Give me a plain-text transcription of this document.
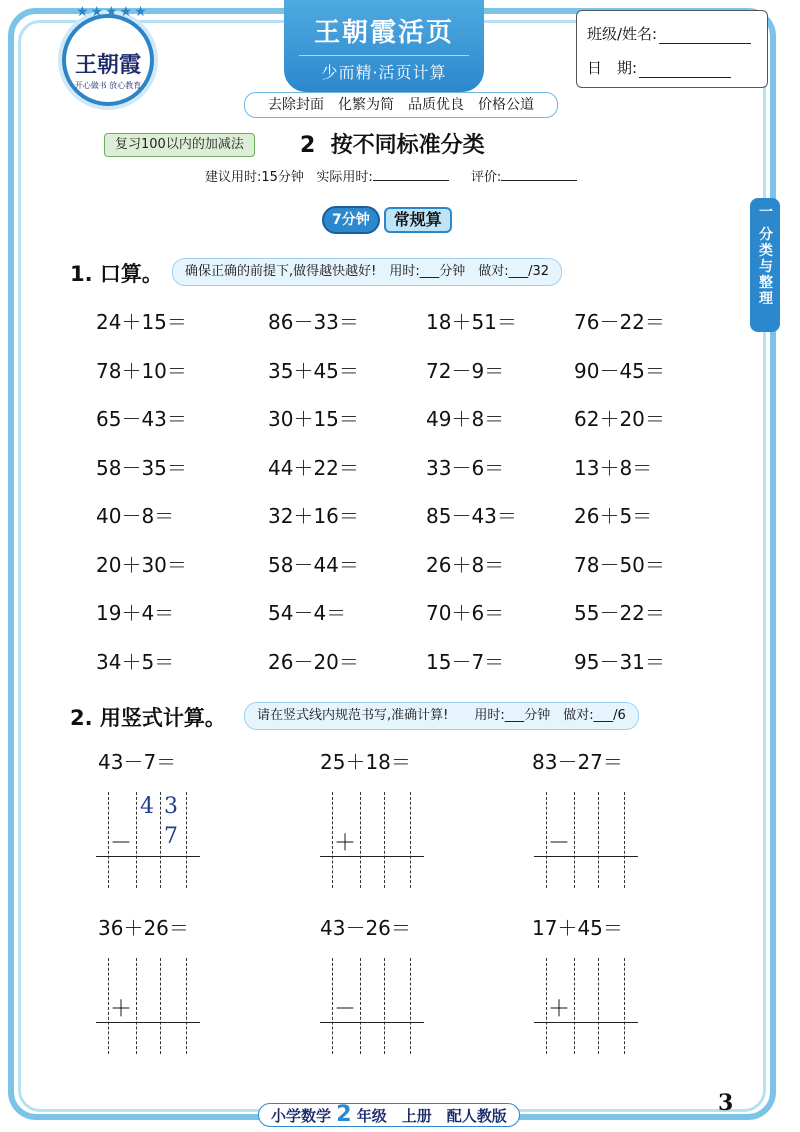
★★★★★
王朝霞
开心做书 放心教育
王朝霞活页
少而精·活页计算
班级/姓名:
日　期:
去除封面　化繁为简　品质优良　价格公道
复习100以内的加减法	2 按不同标准分类
建议用时:15分钟 实际用时:	评价:
7分钟	常规算	一 分类与整理
1. 口算。	确保正确的前提下,做得越快越好!　用时:___分钟　做对:___/32
24＋15＝	86－33＝	18＋51＝	76－22＝
78＋10＝	35＋45＝	72－9＝	90－45＝
65－43＝	30＋15＝	49＋8＝	62＋20＝
58－35＝	44＋22＝	33－6＝	13＋8＝
40－8＝	32＋16＝	85－43＝	26＋5＝
20＋30＝	58－44＝	26＋8＝	78－50＝
19＋4＝	54－4＝	70＋6＝	55－22＝
34＋5＝	26－20＝	15－7＝	95－31＝
2. 用竖式计算。	请在竖式线内规范书写,准确计算!　　用时:___分钟　做对:___/6
43－7＝
－
4 3
7
25＋18＝
＋
83－27＝
－
36＋26＝
＋
43－26＝
－
17＋45＝
＋
小学数学 2 年级　上册　配人教版	3
